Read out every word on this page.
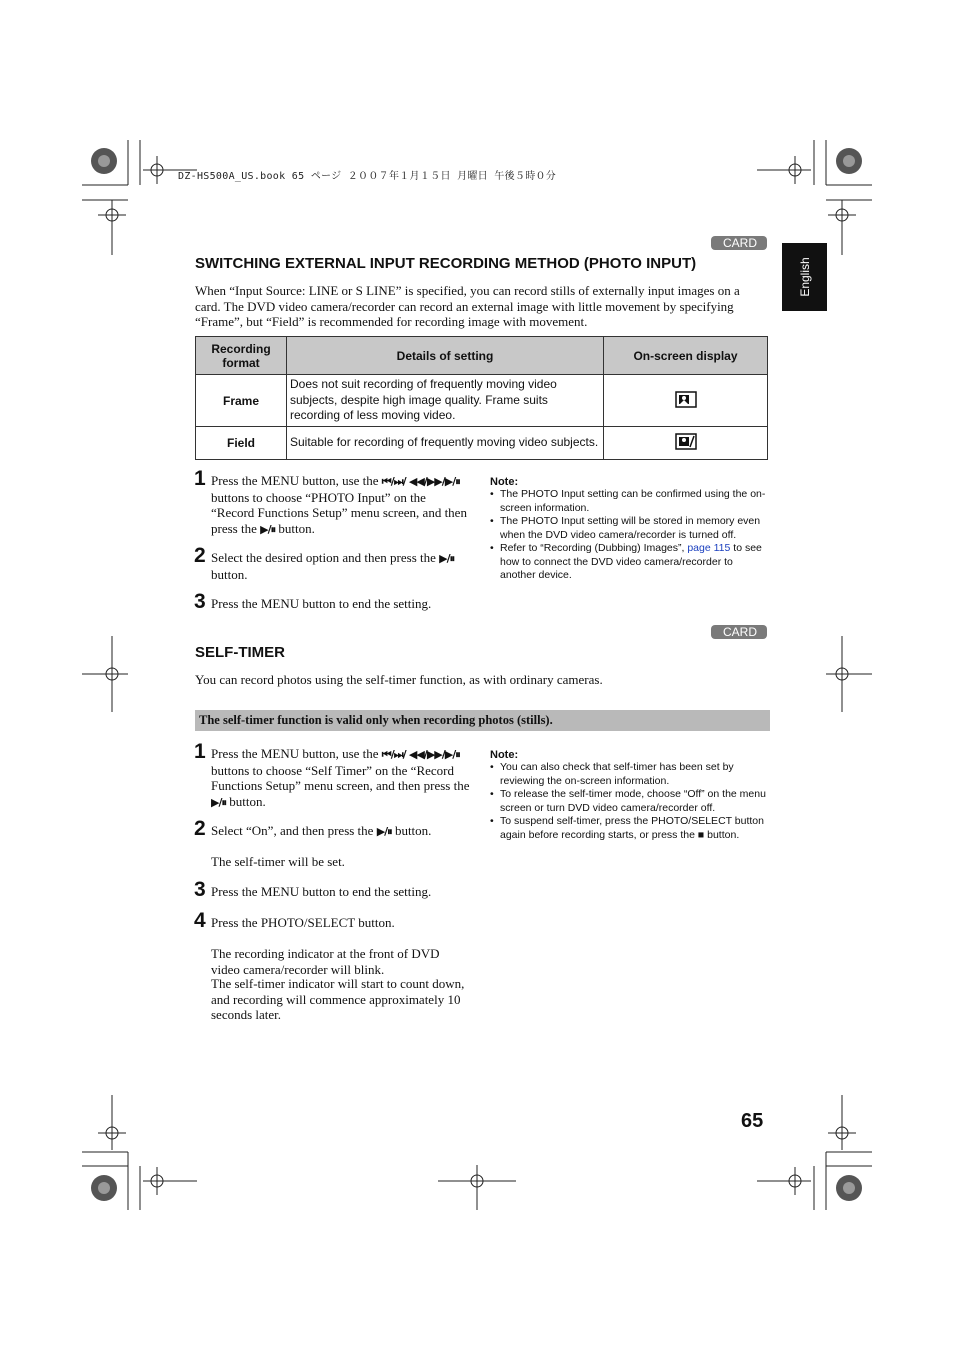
DZ-HS500A_US.book 65 ページ ２００７年１月１５日 月曜日 午後５時０分
English
CARD
SWITCHING EXTERNAL INPUT RECORDING METHOD (PHOTO INPUT)
When “Input Source: LINE or S LINE” is specified, you can record stills of externally input images on a card. The DVD video camera/recorder can record an external image with little movement by specifying “Frame”, but “Field” is recommended for recording image with movement.
Recording format	Details of setting	On-screen display
Frame	Does not suit recording of frequently moving video subjects, despite high image quality. Frame suits recording of less moving video.	
Field	Suitable for recording of frequently moving video subjects.	
1 Press the MENU button, use the ⏮/⏭/ ◀◀/▶▶/▶/⏸ buttons to choose “PHOTO Input” on the “Record Functions Setup” menu screen, and then press the ▶/⏸ button.
2 Select the desired option and then press the ▶/⏸ button.
3 Press the MENU button to end the setting.
Note:
• The PHOTO Input setting can be confirmed using the on-screen information.
• The PHOTO Input setting will be stored in memory even when the DVD video camera/recorder is turned off.
• Refer to “Recording (Dubbing) Images”, page 115 to see how to connect the DVD video camera/recorder to another device.
CARD
SELF-TIMER
You can record photos using the self-timer function, as with ordinary cameras.
The self-timer function is valid only when recording photos (stills).
1 Press the MENU button, use the ⏮/⏭/ ◀◀/▶▶/▶/⏸ buttons to choose “Self Timer” on the “Record Functions Setup” menu screen, and then press the ▶/⏸ button.
2 Select “On”, and then press the ▶/⏸ button.
The self-timer will be set.
3 Press the MENU button to end the setting.
4 Press the PHOTO/SELECT button.
The recording indicator at the front of DVD video camera/recorder will blink.
The self-timer indicator will start to count down, and recording will commence approximately 10 seconds later.
Note:
• You can also check that self-timer has been set by reviewing the on-screen information.
• To release the self-timer mode, choose “Off” on the menu screen or turn DVD video camera/recorder off.
• To suspend self-timer, press the PHOTO/SELECT button again before recording starts, or press the ■ button.
65
